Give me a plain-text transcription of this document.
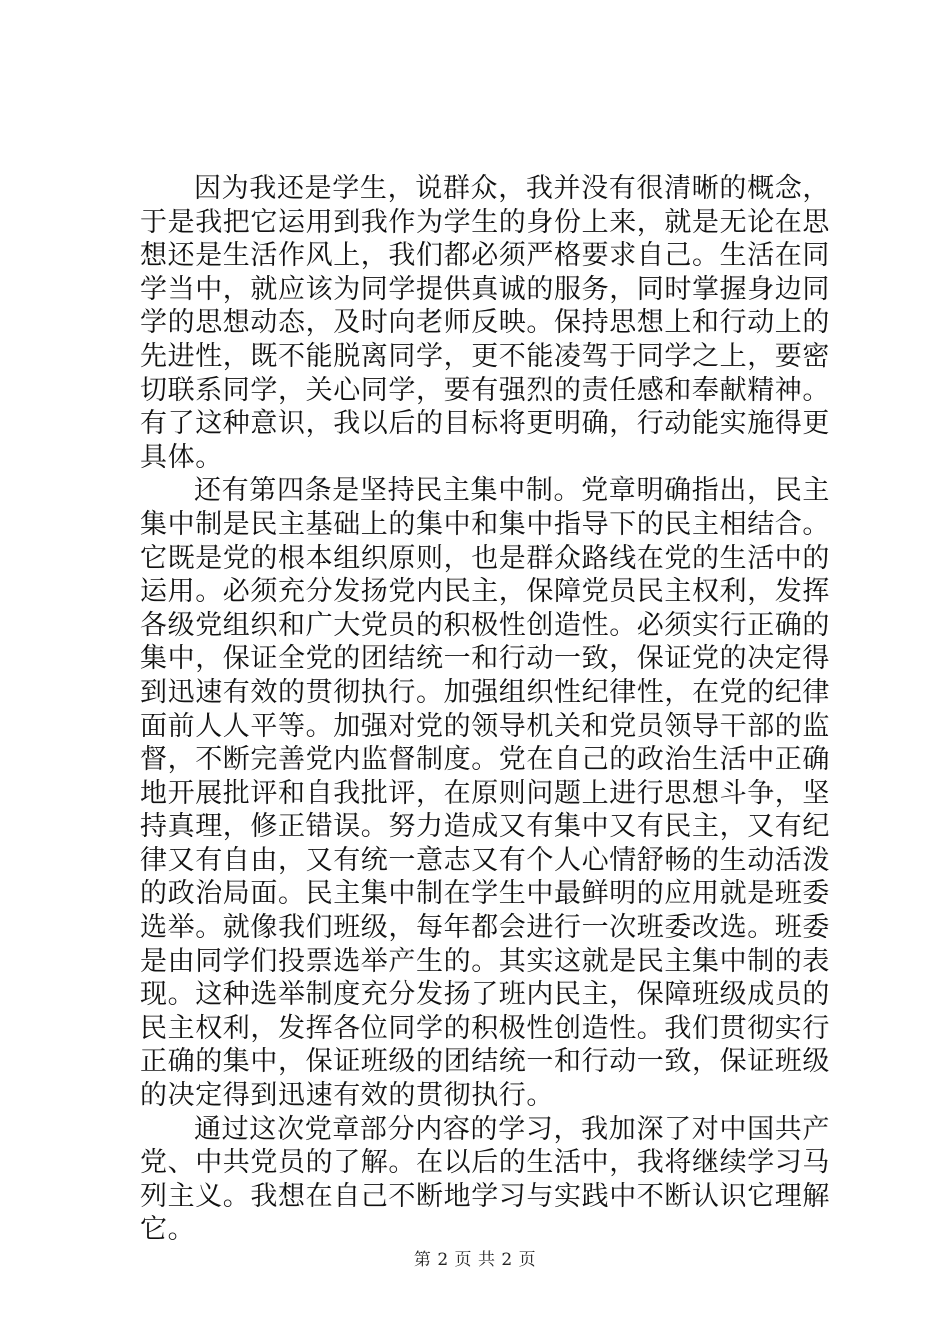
因为我还是学生，说群众，我并没有很清晰的概念，于是我把它运用到我作为学生的身份上来，就是无论在思想还是生活作风上，我们都必须严格要求自己。生活在同学当中，就应该为同学提供真诚的服务，同时掌握身边同学的思想动态，及时向老师反映。保持思想上和行动上的先进性，既不能脱离同学，更不能凌驾于同学之上，要密切联系同学，关心同学，要有强烈的责任感和奉献精神。有了这种意识，我以后的目标将更明确，行动能实施得更具体。

还有第四条是坚持民主集中制。党章明确指出，民主集中制是民主基础上的集中和集中指导下的民主相结合。它既是党的根本组织原则，也是群众路线在党的生活中的运用。必须充分发扬党内民主，保障党员民主权利，发挥各级党组织和广大党员的积极性创造性。必须实行正确的集中，保证全党的团结统一和行动一致，保证党的决定得到迅速有效的贯彻执行。加强组织性纪律性，在党的纪律面前人人平等。加强对党的领导机关和党员领导干部的监督，不断完善党内监督制度。党在自己的政治生活中正确地开展批评和自我批评，在原则问题上进行思想斗争，坚持真理，修正错误。努力造成又有集中又有民主，又有纪律又有自由，又有统一意志又有个人心情舒畅的生动活泼的政治局面。民主集中制在学生中最鲜明的应用就是班委选举。就像我们班级，每年都会进行一次班委改选。班委是由同学们投票选举产生的。其实这就是民主集中制的表现。这种选举制度充分发扬了班内民主，保障班级成员的民主权利，发挥各位同学的积极性创造性。我们贯彻实行正确的集中，保证班级的团结统一和行动一致，保证班级的决定得到迅速有效的贯彻执行。

通过这次党章部分内容的学习，我加深了对中国共产党、中共党员的了解。在以后的生活中，我将继续学习马列主义。我想在自己不断地学习与实践中不断认识它理解它。

第 2 页 共 2 页
